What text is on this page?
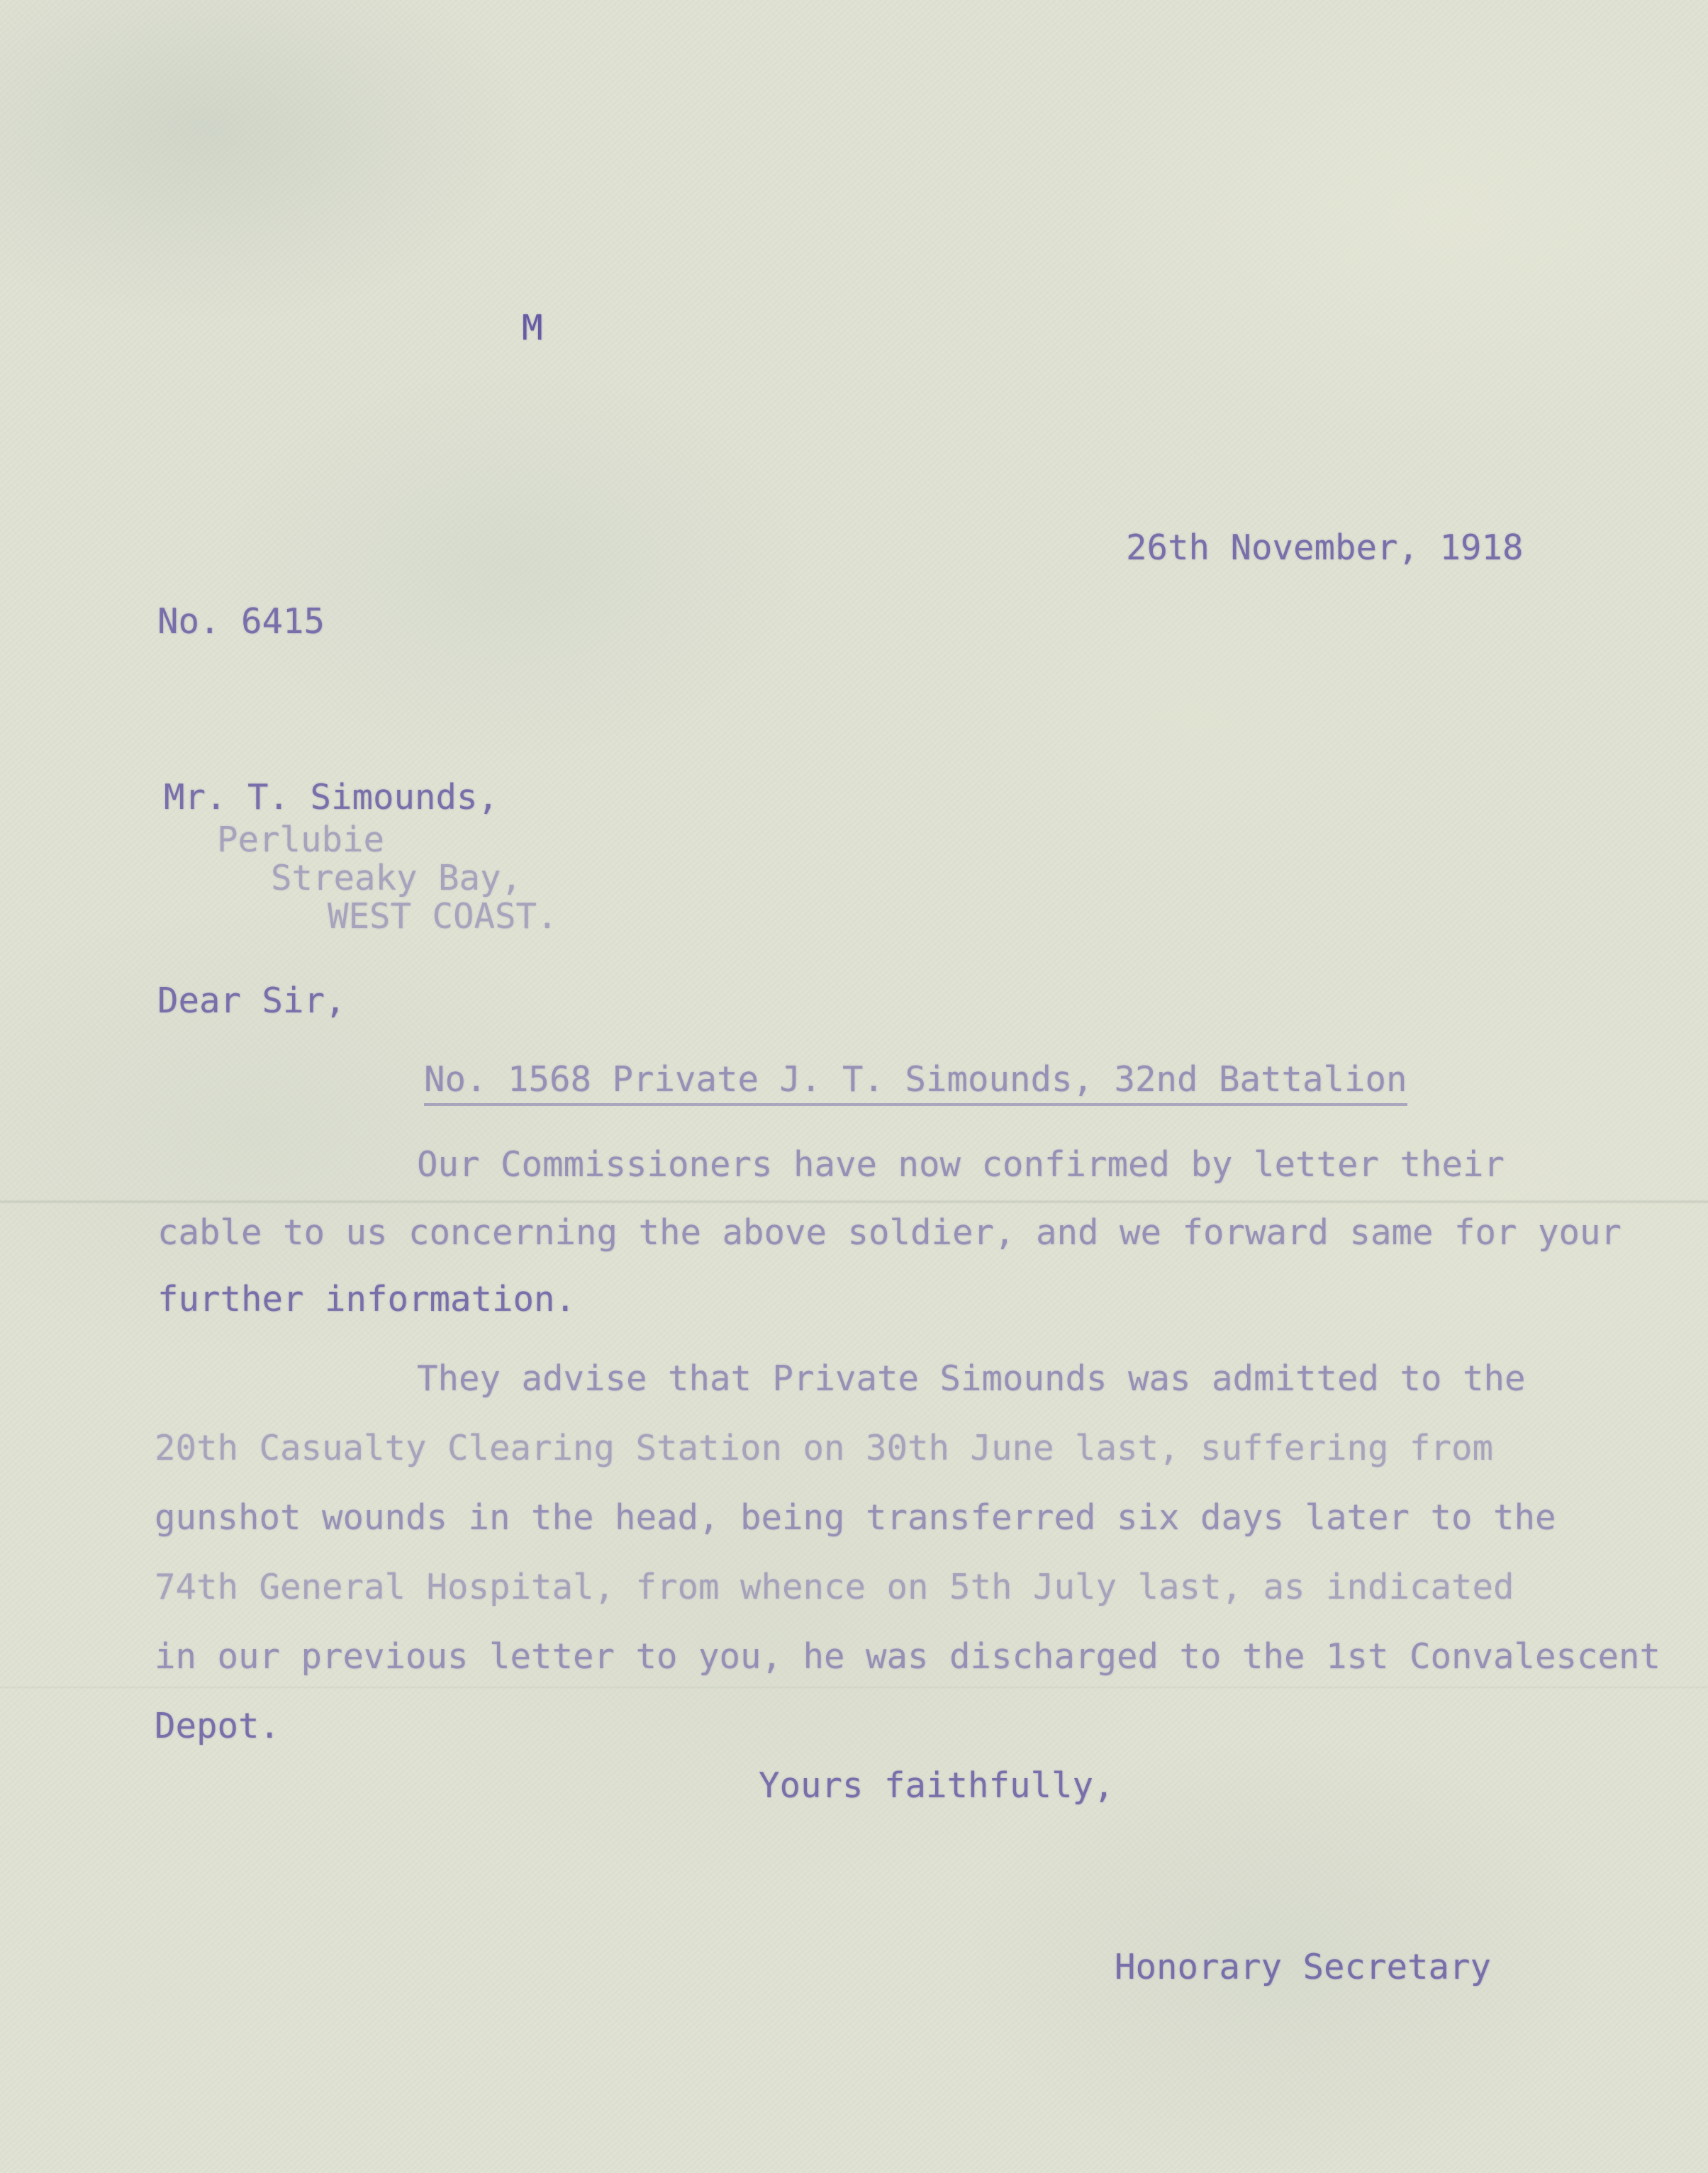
M
26th November, 1918
No. 6415
Mr. T. Simounds,
Perlubie
Streaky Bay,
WEST COAST.
Dear Sir,
No. 1568 Private J. T. Simounds, 32nd Battalion
Our Commissioners have now confirmed by letter their
cable to us concerning the above soldier, and we forward same for your
further information.
They advise that Private Simounds was admitted to the
20th Casualty Clearing Station on 30th June last, suffering from
gunshot wounds in the head, being transferred six days later to the
74th General Hospital, from whence on 5th July last, as indicated
in our previous letter to you, he was discharged to the 1st Convalescent
Depot.
Yours faithfully,
Honorary Secretary
